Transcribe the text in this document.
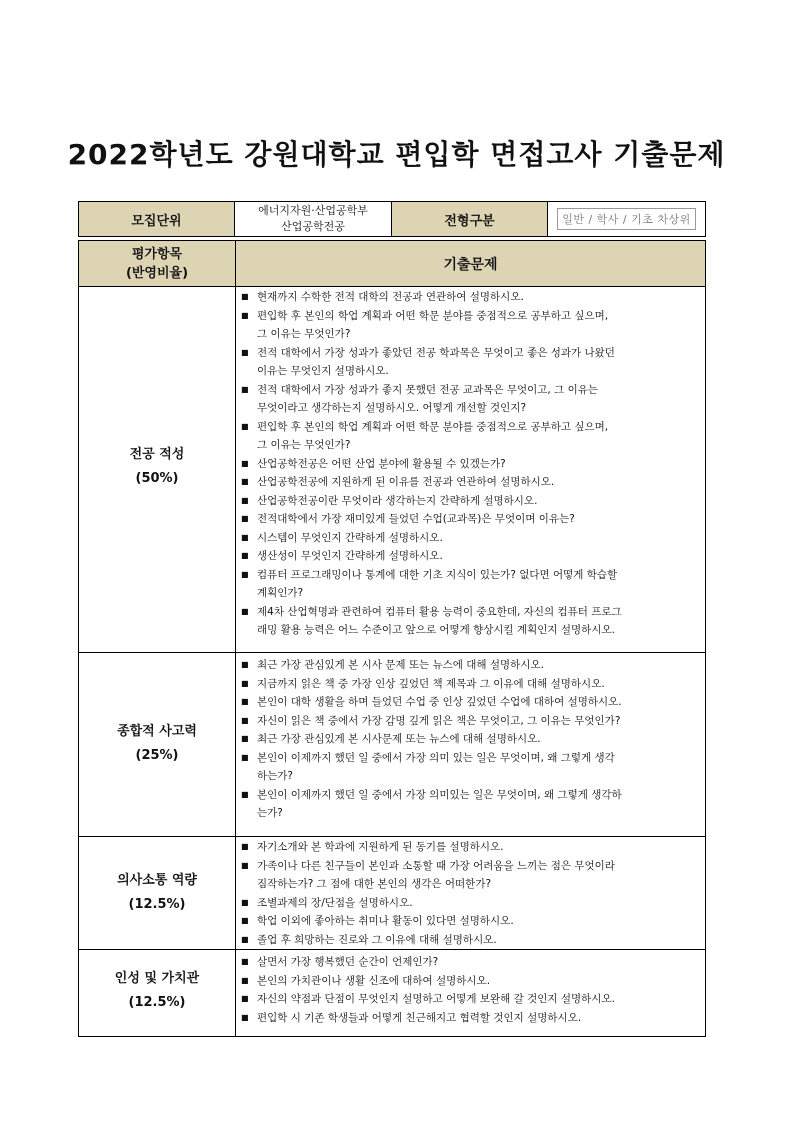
2022학년도 강원대학교 편입학 면접고사 기출문제
모집단위
에너지자원·산업공학부
산업공학전공	전형구분	일반 / 학사 / 기초 차상위
평가항목
(반영비율)
기출문제
전공 적성
(50%)
■ 현재까지 수학한 전적 대학의 전공과 연관하여 설명하시오.
■ 편입학 후 본인의 학업 계획과 어떤 학문 분야를 중점적으로 공부하고 싶으며,
그 이유는 무엇인가?
■ 전적 대학에서 가장 성과가 좋았던 전공 학과목은 무엇이고 좋은 성과가 나왔던
이유는 무엇인지 설명하시오.
■ 전적 대학에서 가장 성과가 좋지 못했던 전공 교과목은 무엇이고, 그 이유는
무엇이라고 생각하는지 설명하시오. 어떻게 개선할 것인지?
■ 편입학 후 본인의 학업 계획과 어떤 학문 분야를 중점적으로 공부하고 싶으며,
그 이유는 무엇인가?
■ 산업공학전공은 어떤 산업 분야에 활용될 수 있겠는가?
■ 산업공학전공에 지원하게 된 이유를 전공과 연관하여 설명하시오.
■ 산업공학전공이란 무엇이라 생각하는지 간략하게 설명하시오.
■ 전적대학에서 가장 재미있게 들었던 수업(교과목)은 무엇이며 이유는?
■ 시스템이 무엇인지 간략하게 설명하시오.
■ 생산성이 무엇인지 간략하게 설명하시오.
■ 컴퓨터 프로그래밍이나 통계에 대한 기초 지식이 있는가? 없다면 어떻게 학습할
계획인가?
■ 제4차 산업혁명과 관련하여 컴퓨터 활용 능력이 중요한데, 자신의 컴퓨터 프로그
래밍 활용 능력은 어느 수준이고 앞으로 어떻게 향상시킬 계획인지 설명하시오.
종합적 사고력
(25%)
■ 최근 가장 관심있게 본 시사 문제 또는 뉴스에 대해 설명하시오.
■ 지금까지 읽은 책 중 가장 인상 깊었던 책 제목과 그 이유에 대해 설명하시오.
■ 본인이 대학 생활을 하며 들었던 수업 중 인상 깊었던 수업에 대하여 설명하시오.
■ 자신이 읽은 책 중에서 가장 감명 깊게 읽은 책은 무엇이고, 그 이유는 무엇인가?
■ 최근 가장 관심있게 본 시사문제 또는 뉴스에 대해 설명하시오.
■ 본인이 이제까지 했던 일 중에서 가장 의미 있는 일은 무엇이며, 왜 그렇게 생각
하는가?
■ 본인이 이제까지 했던 일 중에서 가장 의미있는 일은 무엇이며, 왜 그렇게 생각하
는가?
의사소통 역량
(12.5%)
■ 자기소개와 본 학과에 지원하게 된 동기를 설명하시오.
■ 가족이나 다른 친구들이 본인과 소통할 때 가장 어려움을 느끼는 점은 무엇이라
짐작하는가? 그 점에 대한 본인의 생각은 어떠한가?
■ 조별과제의 장/단점을 설명하시오.
■ 학업 이외에 좋아하는 취미나 활동이 있다면 설명하시오.
■ 졸업 후 희망하는 진로와 그 이유에 대해 설명하시오.
인성 및 가치관
(12.5%)
■ 살면서 가장 행복했던 순간이 언제인가?
■ 본인의 가치관이나 생활 신조에 대하여 설명하시오.
■ 자신의 약점과 단점이 무엇인지 설명하고 어떻게 보완해 갈 것인지 설명하시오.
■ 편입학 시 기존 학생들과 어떻게 친근해지고 협력할 것인지 설명하시오.
